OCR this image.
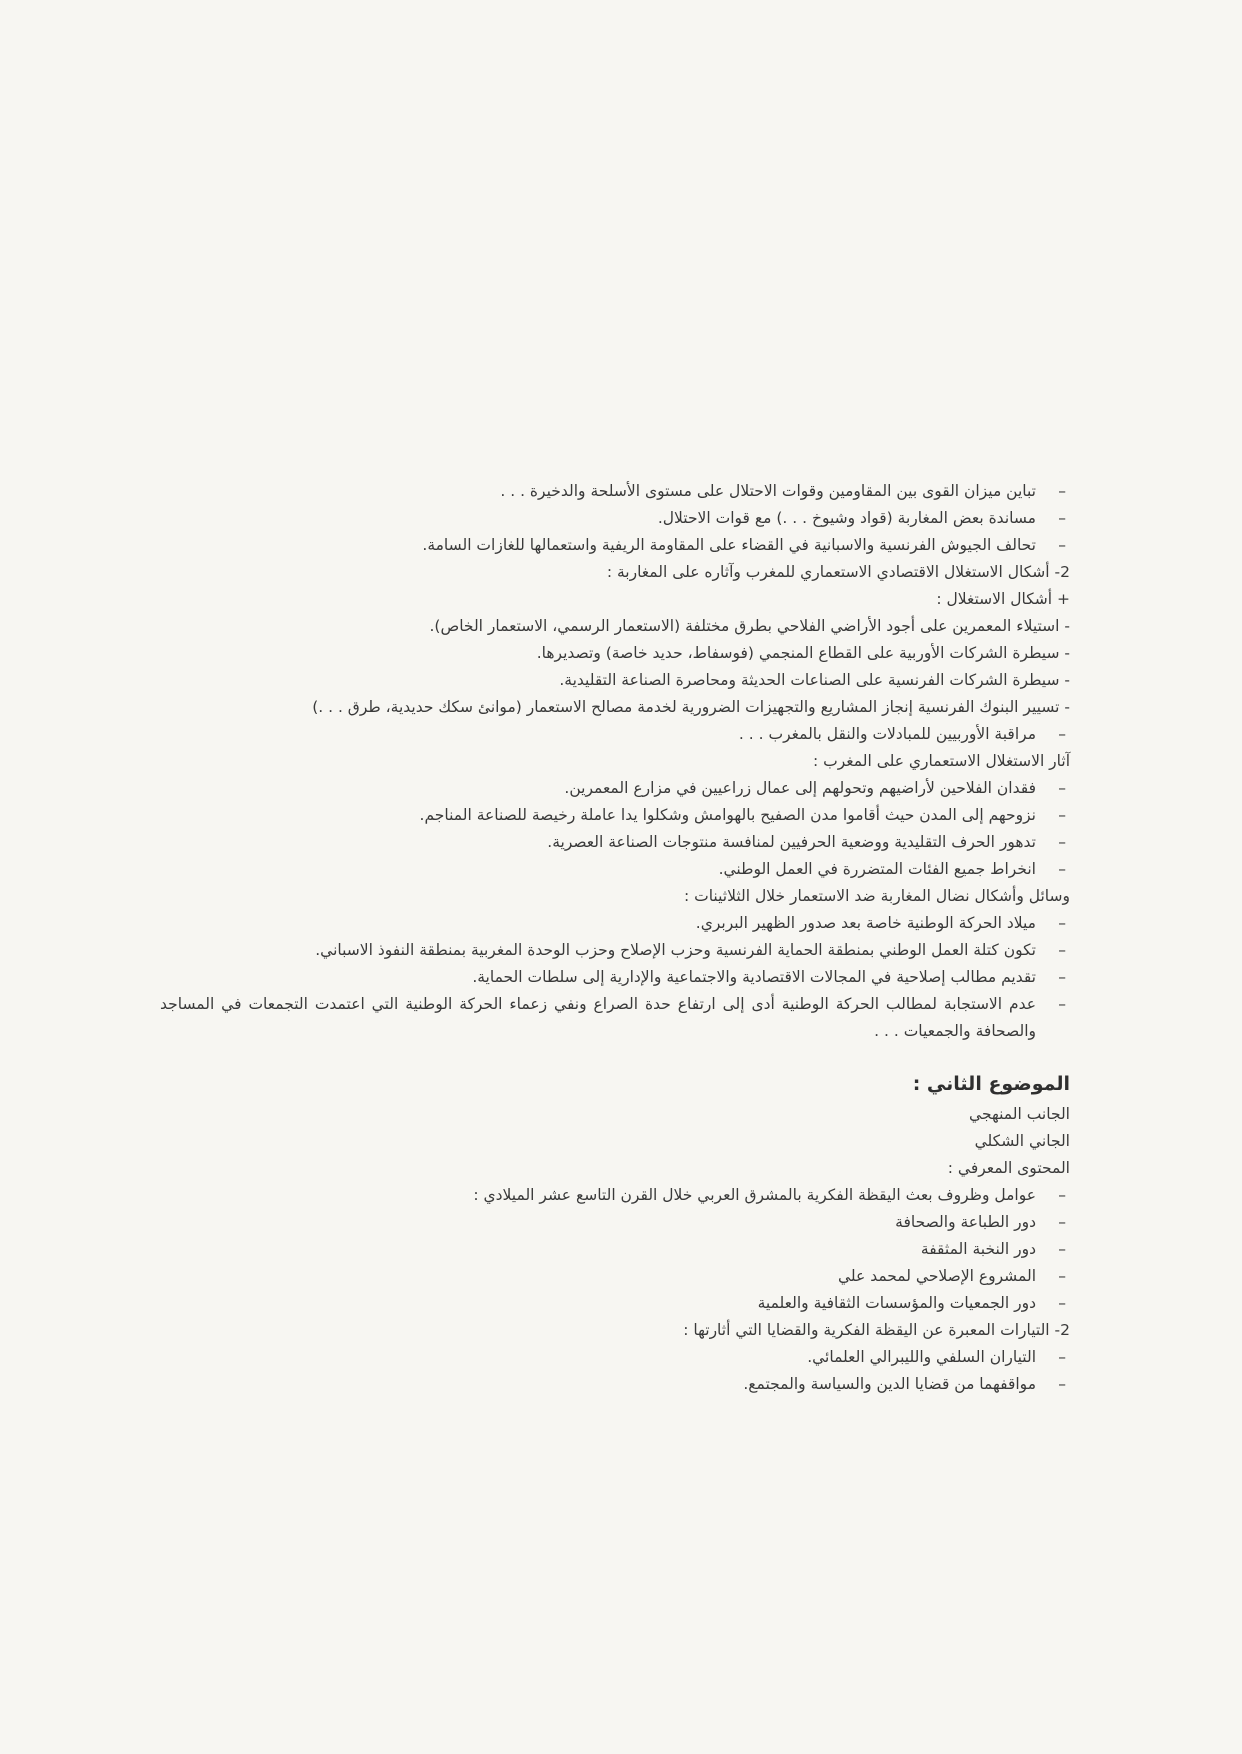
– تباين ميزان القوى بين المقاومين وقوات الاحتلال على مستوى الأسلحة والدخيرة . . .
– مساندة بعض المغاربة (قواد وشيوخ . . .) مع قوات الاحتلال.
– تحالف الجيوش الفرنسية والاسبانية في القضاء على المقاومة الريفية واستعمالها للغازات السامة.
2- أشكال الاستغلال الاقتصادي الاستعماري للمغرب وآثاره على المغاربة :
+ أشكال الاستغلال :
- استيلاء المعمرين على أجود الأراضي الفلاحي بطرق مختلفة (الاستعمار الرسمي، الاستعمار الخاص).
- سيطرة الشركات الأوربية على القطاع المنجمي (فوسفاط، حديد خاصة) وتصديرها.
- سيطرة الشركات الفرنسية على الصناعات الحديثة ومحاصرة الصناعة التقليدية.
- تسيير البنوك الفرنسية إنجاز المشاريع والتجهيزات الضرورية لخدمة مصالح الاستعمار (موانئ سكك حديدية، طرق . . .)
– مراقبة الأوربيين للمبادلات والنقل بالمغرب . . .
آثار الاستغلال الاستعماري على المغرب :
– فقدان الفلاحين لأراضيهم وتحولهم إلى عمال زراعيين في مزارع المعمرين.
– نزوحهم إلى المدن حيث أقاموا مدن الصفيح بالهوامش وشكلوا يدا عاملة رخيصة للصناعة المناجم.
– تدهور الحرف التقليدية ووضعية الحرفيين لمنافسة منتوجات الصناعة العصرية.
– انخراط جميع الفئات المتضررة في العمل الوطني.
وسائل وأشكال نضال المغاربة ضد الاستعمار خلال الثلاثينات :
– ميلاد الحركة الوطنية خاصة بعد صدور الظهير البربري.
– تكون كتلة العمل الوطني بمنطقة الحماية الفرنسية وحزب الإصلاح وحزب الوحدة المغربية بمنطقة النفوذ الاسباني.
– تقديم مطالب إصلاحية في المجالات الاقتصادية والاجتماعية والإدارية إلى سلطات الحماية.
– عدم الاستجابة لمطالب الحركة الوطنية أدى إلى ارتفاع حدة الصراع ونفي زعماء الحركة الوطنية التي اعتمدت التجمعات في المساجد والصحافة والجمعيات . . .
الموضوع الثاني :
الجانب المنهجي
الجاني الشكلي
المحتوى المعرفي :
– عوامل وظروف بعث اليقظة الفكرية بالمشرق العربي خلال القرن التاسع عشر الميلادي :
– دور الطباعة والصحافة
– دور النخبة المثقفة
– المشروع الإصلاحي لمحمد علي
– دور الجمعيات والمؤسسات الثقافية والعلمية
2- التيارات المعبرة عن اليقظة الفكرية والقضايا التي أثارتها :
– التياران السلفي والليبرالي العلمائي.
– مواقفهما من قضايا الدين والسياسة والمجتمع.
